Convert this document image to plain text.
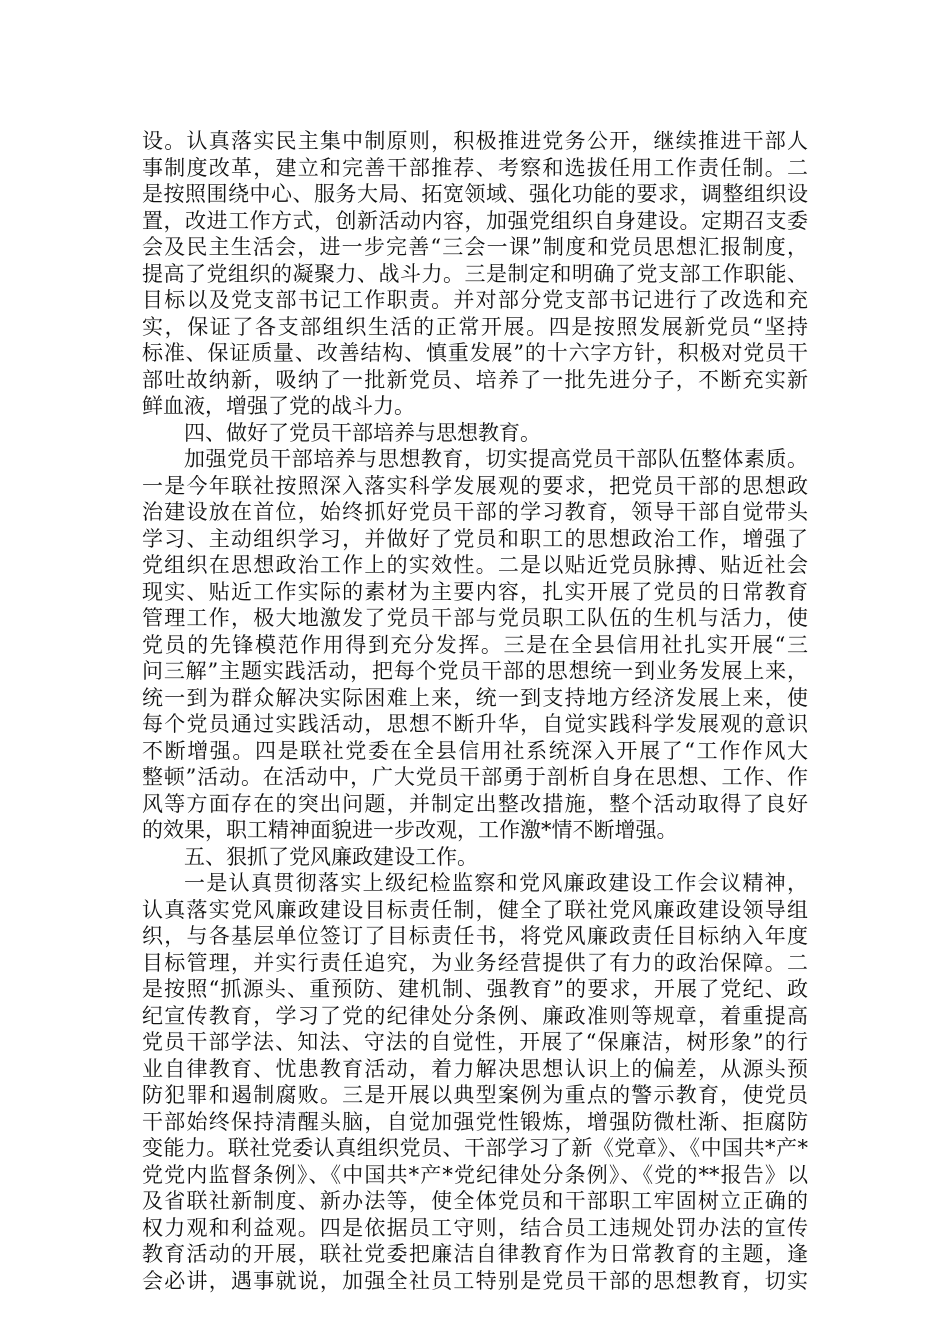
设。认真落实民主集中制原则，积极推进党务公开，继续推进干部人
事制度改革，建立和完善干部推荐、考察和选拔任用工作责任制。二
是按照围绕中心、服务大局、拓宽领域、强化功能的要求，调整组织设
置，改进工作方式，创新活动内容，加强党组织自身建设。定期召支委
会及民主生活会，进一步完善“三会一课”制度和党员思想汇报制度，
提高了党组织的凝聚力、战斗力。三是制定和明确了党支部工作职能、
目标以及党支部书记工作职责。并对部分党支部书记进行了改选和充
实，保证了各支部组织生活的正常开展。四是按照发展新党员“坚持
标准、保证质量、改善结构、慎重发展”的十六字方针，积极对党员干
部吐故纳新，吸纳了一批新党员、培养了一批先进分子，不断充实新
鲜血液，增强了党的战斗力。
四、做好了党员干部培养与思想教育。
加强党员干部培养与思想教育，切实提高党员干部队伍整体素质。
一是今年联社按照深入落实科学发展观的要求，把党员干部的思想政
治建设放在首位，始终抓好党员干部的学习教育，领导干部自觉带头
学习、主动组织学习，并做好了党员和职工的思想政治工作，增强了
党组织在思想政治工作上的实效性。二是以贴近党员脉搏、贴近社会
现实、贴近工作实际的素材为主要内容，扎实开展了党员的日常教育
管理工作，极大地激发了党员干部与党员职工队伍的生机与活力，使
党员的先锋模范作用得到充分发挥。三是在全县信用社扎实开展“三
问三解”主题实践活动，把每个党员干部的思想统一到业务发展上来，
统一到为群众解决实际困难上来，统一到支持地方经济发展上来，使
每个党员通过实践活动，思想不断升华，自觉实践科学发展观的意识
不断增强。四是联社党委在全县信用社系统深入开展了“工作作风大
整顿”活动。在活动中，广大党员干部勇于剖析自身在思想、工作、作
风等方面存在的突出问题，并制定出整改措施，整个活动取得了良好
的效果，职工精神面貌进一步改观，工作激*情不断增强。
五、狠抓了党风廉政建设工作。
一是认真贯彻落实上级纪检监察和党风廉政建设工作会议精神，
认真落实党风廉政建设目标责任制，健全了联社党风廉政建设领导组
织，与各基层单位签订了目标责任书，将党风廉政责任目标纳入年度
目标管理，并实行责任追究，为业务经营提供了有力的政治保障。二
是按照“抓源头、重预防、建机制、强教育”的要求，开展了党纪、政
纪宣传教育，学习了党的纪律处分条例、廉政准则等规章，着重提高
党员干部学法、知法、守法的自觉性，开展了“保廉洁，树形象”的行
业自律教育、忧患教育活动，着力解决思想认识上的偏差，从源头预
防犯罪和遏制腐败。三是开展以典型案例为重点的警示教育，使党员
干部始终保持清醒头脑，自觉加强党性锻炼，增强防微杜渐、拒腐防
变能力。联社党委认真组织党员、干部学习了新《党章》、《中国共*产*
党党内监督条例》、《中国共*产*党纪律处分条例》、《党的**报告》以
及省联社新制度、新办法等，使全体党员和干部职工牢固树立正确的
权力观和利益观。四是依据员工守则，结合员工违规处罚办法的宣传
教育活动的开展，联社党委把廉洁自律教育作为日常教育的主题，逢
会必讲，遇事就说，加强全社员工特别是党员干部的思想教育，切实
